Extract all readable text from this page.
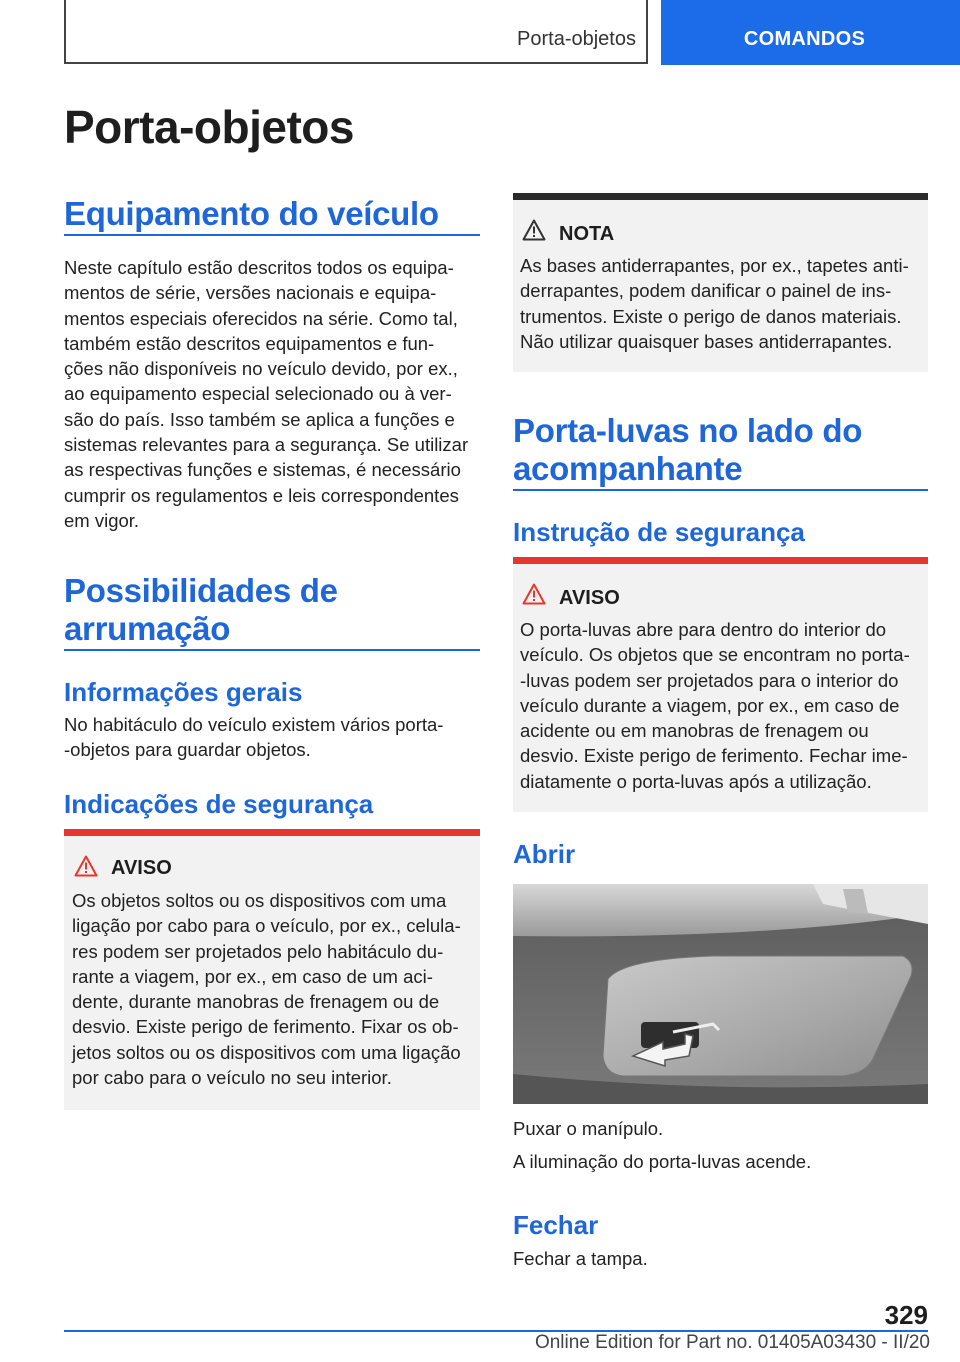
Porta-objetos	COMANDOS
Porta-objetos
Equipamento do veículo
Neste capítulo estão descritos todos os equipa-
mentos de série, versões nacionais e equipa-
mentos especiais oferecidos na série. Como tal,
também estão descritos equipamentos e fun-
ções não disponíveis no veículo devido, por ex.,
ao equipamento especial selecionado ou à ver-
são do país. Isso também se aplica a funções e
sistemas relevantes para a segurança. Se utilizar
as respectivas funções e sistemas, é necessário
cumprir os regulamentos e leis correspondentes
em vigor.
Possibilidades de
arrumação
Informações gerais
No habitáculo do veículo existem vários porta-
-objetos para guardar objetos.
Indicações de segurança
AVISO
Os objetos soltos ou os dispositivos com uma
ligação por cabo para o veículo, por ex., celula-
res podem ser projetados pelo habitáculo du-
rante a viagem, por ex., em caso de um aci-
dente, durante manobras de frenagem ou de
desvio. Existe perigo de ferimento. Fixar os ob-
jetos soltos ou os dispositivos com uma ligação
por cabo para o veículo no seu interior.
NOTA
As bases antiderrapantes, por ex., tapetes anti-
derrapantes, podem danificar o painel de ins-
trumentos. Existe o perigo de danos materiais.
Não utilizar quaisquer bases antiderrapantes.
Porta-luvas no lado do
acompanhante
Instrução de segurança
AVISO
O porta-luvas abre para dentro do interior do
veículo. Os objetos que se encontram no porta-
-luvas podem ser projetados para o interior do
veículo durante a viagem, por ex., em caso de
acidente ou em manobras de frenagem ou
desvio. Existe perigo de ferimento. Fechar ime-
diatamente o porta-luvas após a utilização.
Abrir
Puxar o manípulo.
A iluminação do porta-luvas acende.
Fechar
Fechar a tampa.
329
Online Edition for Part no. 01405A03430 - II/20
